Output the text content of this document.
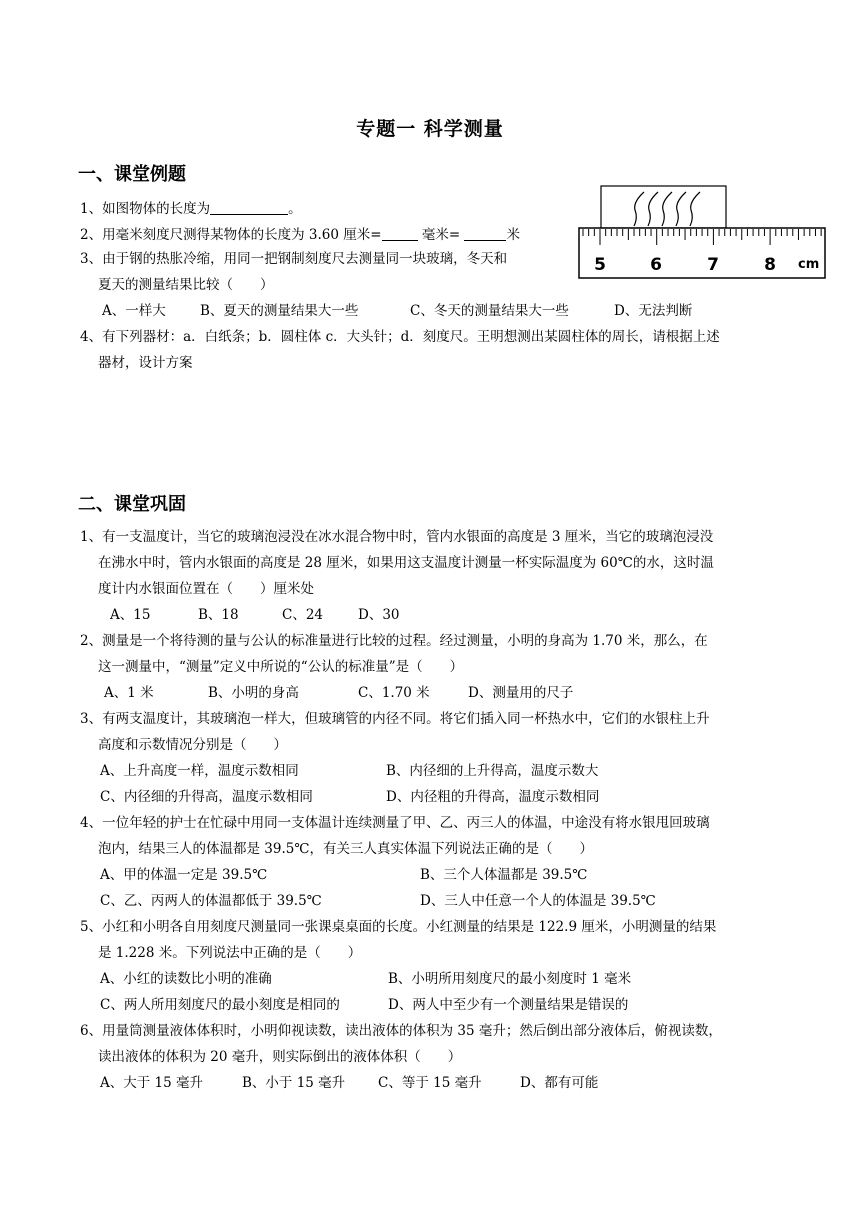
专题一 科学测量
一、课堂例题
1、如图物体的长度为	。
2、用毫米刻度尺测得某物体的长度为 3.60 厘米=	毫米=	米
3、由于钢的热胀冷缩，用同一把钢制刻度尺去测量同一块玻璃，冬天和
夏天的测量结果比较（　　）
A、一样大	B、夏天的测量结果大一些	C、冬天的测量结果大一些	D、无法判断
4、有下列器材：a．白纸条；b．圆柱体 c．大头针；d．刻度尺。王明想测出某圆柱体的周长，请根据上述
器材，设计方案
5	6	7	8 cm
二、课堂巩固
1、有一支温度计，当它的玻璃泡浸没在冰水混合物中时，管内水银面的高度是 3 厘米，当它的玻璃泡浸没
在沸水中时，管内水银面的高度是 28 厘米，如果用这支温度计测量一杯实际温度为 60℃的水，这时温
度计内水银面位置在（　　）厘米处
A、15	B、18	C、24	D、30
2、测量是一个将待测的量与公认的标准量进行比较的过程。经过测量，小明的身高为 1.70 米，那么，在
这一测量中，“测量”定义中所说的“公认的标准量”是（　　）
A、1 米	B、小明的身高	C、1.70 米	D、测量用的尺子
3、有两支温度计，其玻璃泡一样大，但玻璃管的内径不同。将它们插入同一杯热水中，它们的水银柱上升
高度和示数情况分别是（　　）
A、上升高度一样，温度示数相同	B、内径细的上升得高，温度示数大
C、内径细的升得高，温度示数相同	D、内径粗的升得高，温度示数相同
4、一位年轻的护士在忙碌中用同一支体温计连续测量了甲、乙、丙三人的体温，中途没有将水银甩回玻璃
泡内，结果三人的体温都是 39.5℃，有关三人真实体温下列说法正确的是（　　）
A、甲的体温一定是 39.5℃	B、三个人体温都是 39.5℃
C、乙、丙两人的体温都低于 39.5℃	D、三人中任意一个人的体温是 39.5℃
5、小红和小明各自用刻度尺测量同一张课桌桌面的长度。小红测量的结果是 122.9 厘米，小明测量的结果
是 1.228 米。下列说法中正确的是（　　）
A、小红的读数比小明的准确	B、小明所用刻度尺的最小刻度时 1 毫米
C、两人所用刻度尺的最小刻度是相同的	D、两人中至少有一个测量结果是错误的
6、用量筒测量液体体积时，小明仰视读数，读出液体的体积为 35 毫升；然后倒出部分液体后，俯视读数，
读出液体的体积为 20 毫升，则实际倒出的液体体积（　　）
A、大于 15 毫升	B、小于 15 毫升 C、等于 15 毫升	D、都有可能
